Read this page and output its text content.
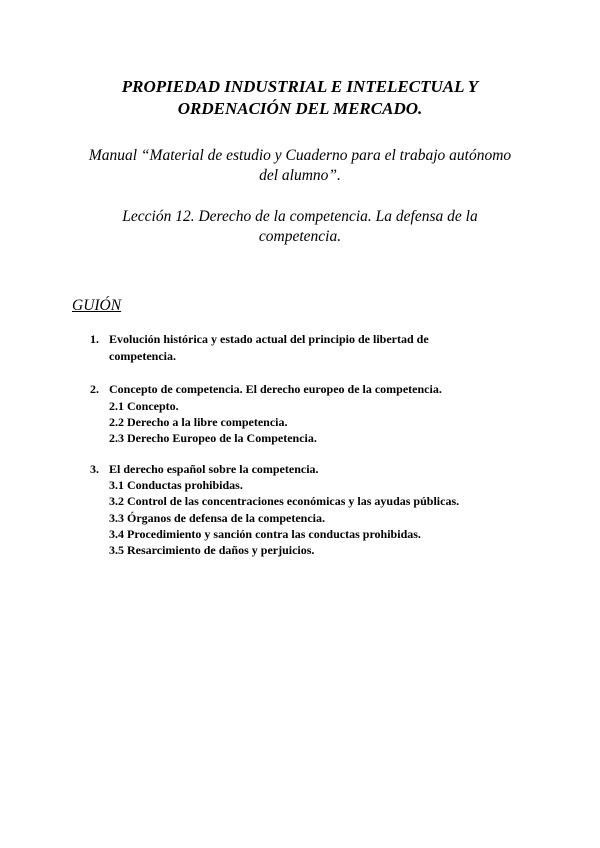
PROPIEDAD INDUSTRIAL E INTELECTUAL Y
ORDENACIÓN DEL MERCADO.
Manual “Material de estudio y Cuaderno para el trabajo autónomo
del alumno”.
Lección 12. Derecho de la competencia. La defensa de la
competencia.
GUIÓN
1. Evolución histórica y estado actual del principio de libertad de
competencia.
2. Concepto de competencia. El derecho europeo de la competencia.
2.1 Concepto.
2.2 Derecho a la libre competencia.
2.3 Derecho Europeo de la Competencia.
3. El derecho español sobre la competencia.
3.1 Conductas prohibidas.
3.2 Control de las concentraciones económicas y las ayudas públicas.
3.3 Órganos de defensa de la competencia.
3.4 Procedimiento y sanción contra las conductas prohibidas.
3.5 Resarcimiento de daños y perjuicios.
